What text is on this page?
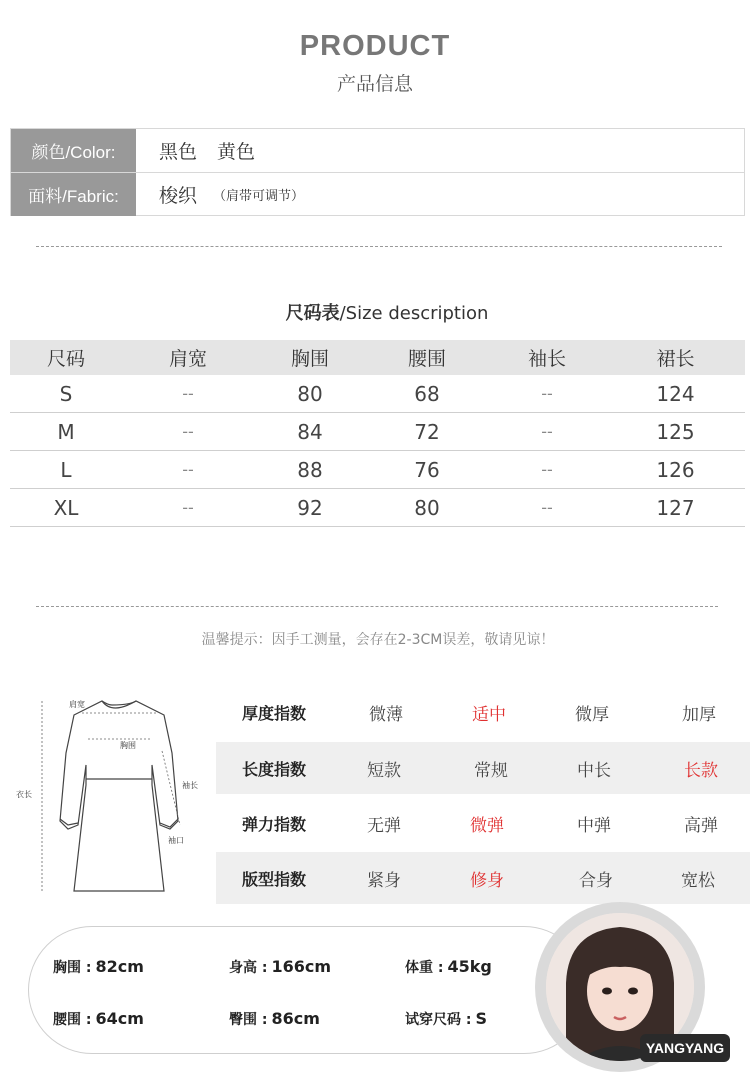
PRODUCT
产品信息
颜色/Color:	黑色 黄色
面料/Fabric:	梭织 （肩带可调节）
尺码表/Size description
尺码	肩宽	胸围	腰围	袖长	裙长
S	--	80	68	--	124
M	--	84	72	--	125
L	--	88	76	--	126
XL	--	92	80	--	127
温馨提示：因手工测量，会存在2-3CM误差，敬请见谅！
肩宽
胸围
袖长
衣长
袖口
厚度指数	微薄	适中	微厚	加厚
长度指数	短款	常规	中长	长款
弹力指数	无弹	微弹	中弹	高弹
版型指数	紧身	修身	合身	宽松
胸围 : 82cm	身高 : 166cm	体重 : 45kg
腰围 : 64cm	臀围 : 86cm	试穿尺码 : S
YANGYANG
